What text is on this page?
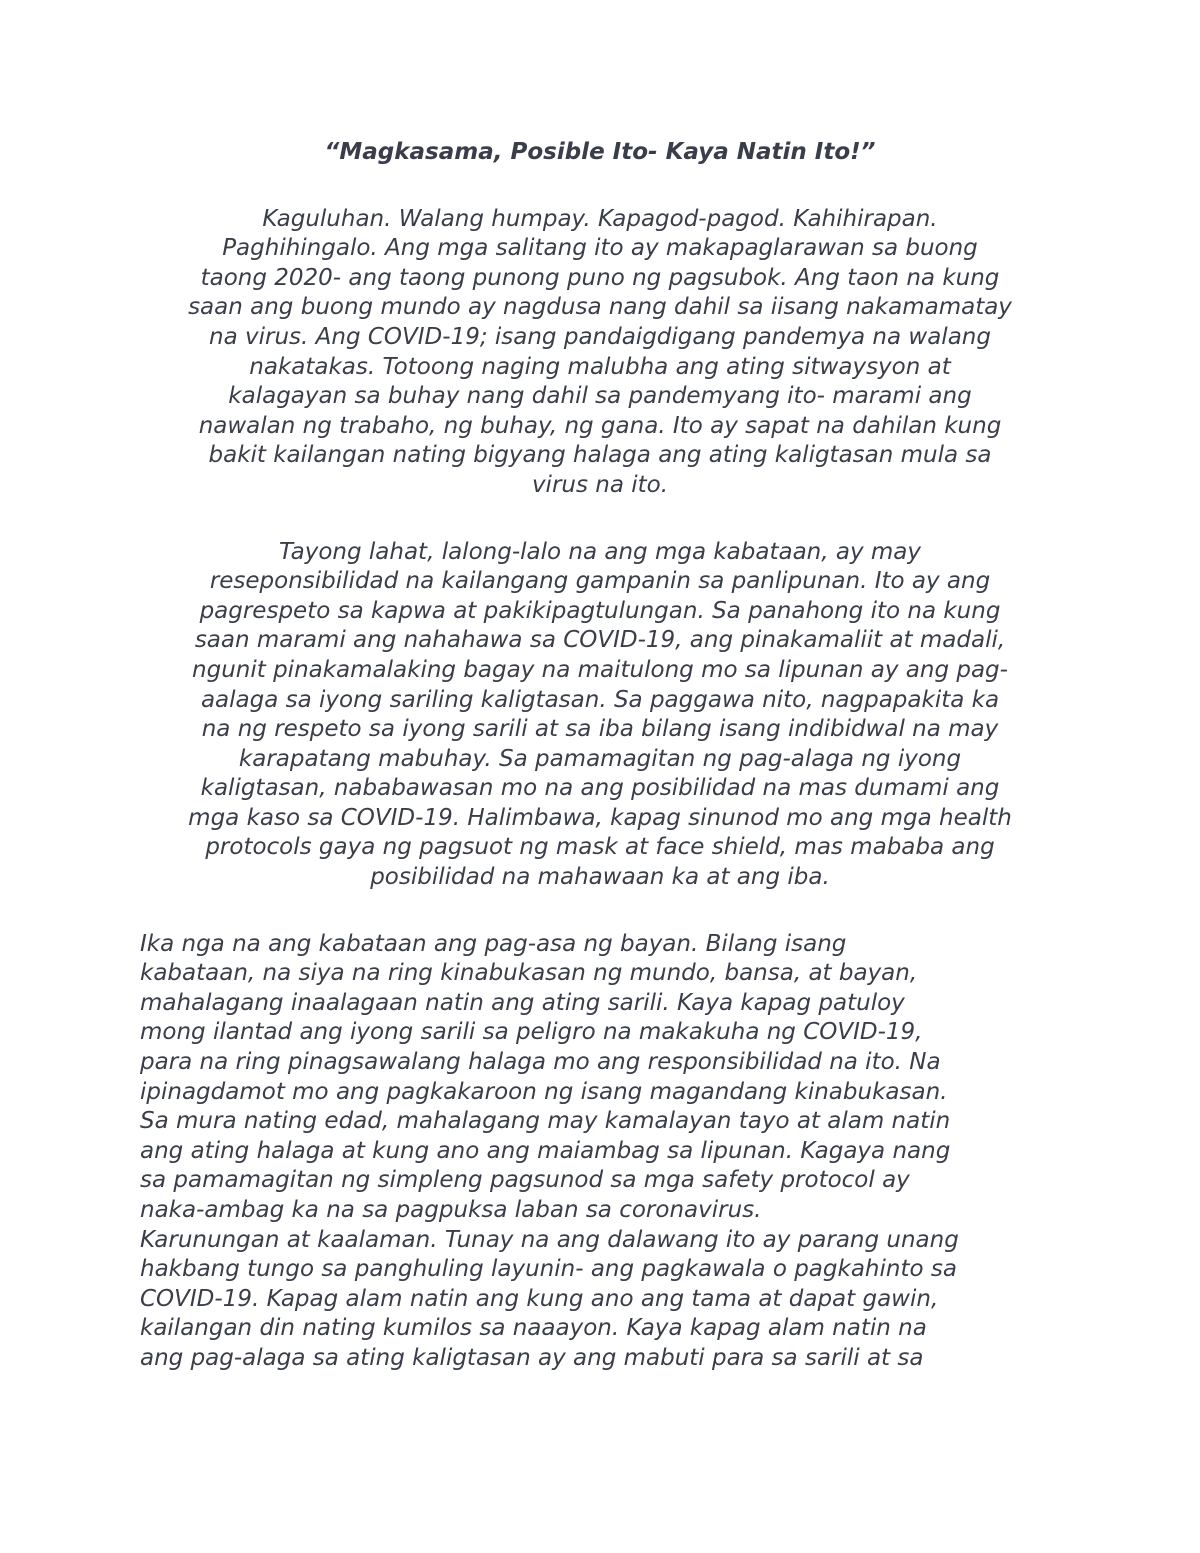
“Magkasama, Posible Ito- Kaya Natin Ito!”
Kaguluhan. Walang humpay. Kapagod-pagod. Kahihirapan.
Paghihingalo. Ang mga salitang ito ay makapaglarawan sa buong
taong 2020- ang taong punong puno ng pagsubok. Ang taon na kung
saan ang buong mundo ay nagdusa nang dahil sa iisang nakamamatay
na virus. Ang COVID-19; isang pandaigdigang pandemya na walang
nakatakas. Totoong naging malubha ang ating sitwaysyon at
kalagayan sa buhay nang dahil sa pandemyang ito- marami ang
nawalan ng trabaho, ng buhay, ng gana. Ito ay sapat na dahilan kung
bakit kailangan nating bigyang halaga ang ating kaligtasan mula sa
virus na ito.
Tayong lahat, lalong-lalo na ang mga kabataan, ay may
reseponsibilidad na kailangang gampanin sa panlipunan. Ito ay ang
pagrespeto sa kapwa at pakikipagtulungan. Sa panahong ito na kung
saan marami ang nahahawa sa COVID-19, ang pinakamaliit at madali,
ngunit pinakamalaking bagay na maitulong mo sa lipunan ay ang pag-
aalaga sa iyong sariling kaligtasan. Sa paggawa nito, nagpapakita ka
na ng respeto sa iyong sarili at sa iba bilang isang indibidwal na may
karapatang mabuhay. Sa pamamagitan ng pag-alaga ng iyong
kaligtasan, nababawasan mo na ang posibilidad na mas dumami ang
mga kaso sa COVID-19. Halimbawa, kapag sinunod mo ang mga health
protocols gaya ng pagsuot ng mask at face shield, mas mababa ang
posibilidad na mahawaan ka at ang iba.
Ika nga na ang kabataan ang pag-asa ng bayan. Bilang isang
kabataan, na siya na ring kinabukasan ng mundo, bansa, at bayan,
mahalagang inaalagaan natin ang ating sarili. Kaya kapag patuloy
mong ilantad ang iyong sarili sa peligro na makakuha ng COVID-19,
para na ring pinagsawalang halaga mo ang responsibilidad na ito. Na
ipinagdamot mo ang pagkakaroon ng isang magandang kinabukasan.
Sa mura nating edad, mahalagang may kamalayan tayo at alam natin
ang ating halaga at kung ano ang maiambag sa lipunan. Kagaya nang
sa pamamagitan ng simpleng pagsunod sa mga safety protocol ay
naka-ambag ka na sa pagpuksa laban sa coronavirus.
Karunungan at kaalaman. Tunay na ang dalawang ito ay parang unang
hakbang tungo sa panghuling layunin- ang pagkawala o pagkahinto sa
COVID-19. Kapag alam natin ang kung ano ang tama at dapat gawin,
kailangan din nating kumilos sa naaayon. Kaya kapag alam natin na
ang pag-alaga sa ating kaligtasan ay ang mabuti para sa sarili at sa
